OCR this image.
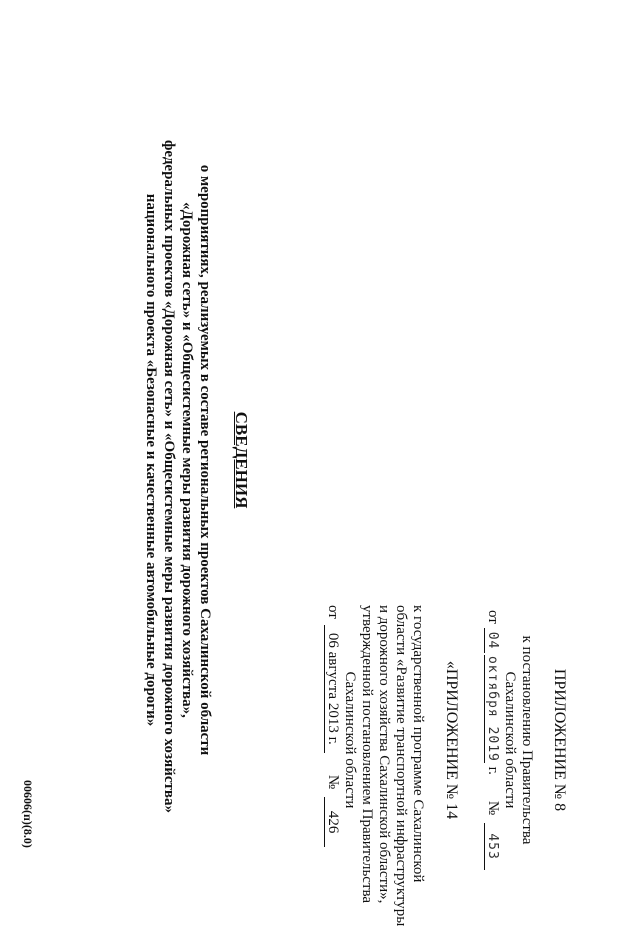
ПРИЛОЖЕНИЕ № 8
к постановлению Правительства
Сахалинской области
от
04
октября 2019
г.
№
453
«ПРИЛОЖЕНИЕ № 14
к государственной программе Сахалинской
области «Развитие транспортной инфраструктуры
и дорожного хозяйства Сахалинской области»,
утвержденной постановлением Правительства
Сахалинской области
от
06 августа 2013 г.
№
426
СВЕДЕНИЯ
о мероприятиях, реализуемых в составе региональных проектов Сахалинской области
«Дорожная сеть» и «Общесистемные меры развития дорожного хозяйства»,
федеральных проектов «Дорожная сеть» и «Общесистемные меры развития дорожного хозяйства»
национального проекта «Безопасные и качественные автомобильные дороги»
00606(п)(8.0)
